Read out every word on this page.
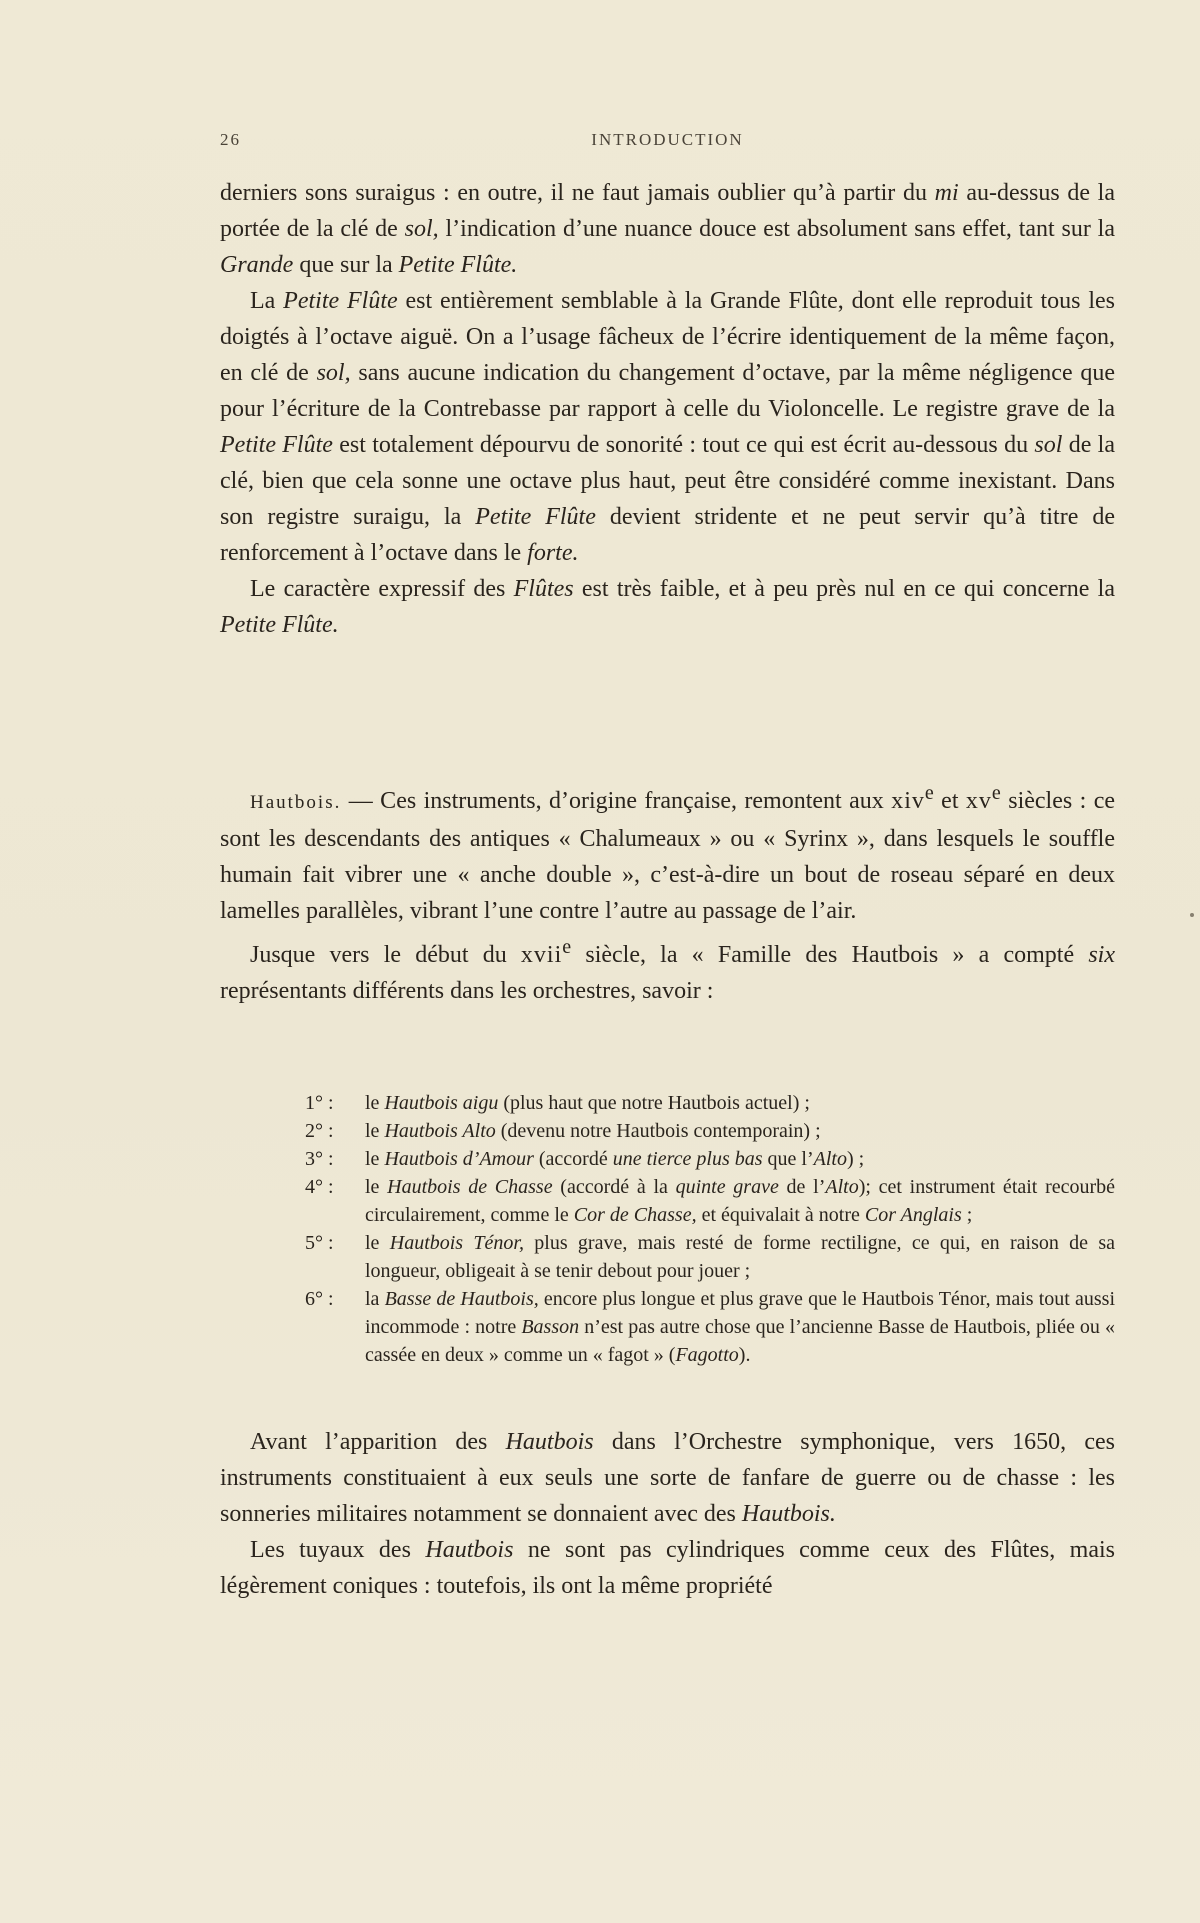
26	INTRODUCTION

derniers sons suraigus : en outre, il ne faut jamais oublier qu’à partir du mi au-dessus de la portée de la clé de sol, l’indication d’une nuance douce est absolument sans effet, tant sur la Grande que sur la Petite Flûte.

La Petite Flûte est entièrement semblable à la Grande Flûte, dont elle reproduit tous les doigtés à l’octave aiguë. On a l’usage fâcheux de l’écrire identiquement de la même façon, en clé de sol, sans aucune indication du changement d’octave, par la même négligence que pour l’écriture de la Contrebasse par rapport à celle du Violoncelle. Le registre grave de la Petite Flûte est totalement dépourvu de sonorité : tout ce qui est écrit au-dessous du sol de la clé, bien que cela sonne une octave plus haut, peut être considéré comme inexistant. Dans son registre suraigu, la Petite Flûte devient stridente et ne peut servir qu’à titre de renforcement à l’octave dans le forte.

Le caractère expressif des Flûtes est très faible, et à peu près nul en ce qui concerne la Petite Flûte.

Hautbois. — Ces instruments, d’origine française, remontent aux xiv$^e$ et $xv^e$ siècles : ce sont les descendants des antiques « Chalumeaux » ou « Syrinx », dans lesquels le souffle humain fait vibrer une « anche double », c’est-à-dire un bout de roseau séparé en deux lamelles parallèles, vibrant l’une contre l’autre au passage de l’air.

Jusque vers le début du xvii$^e$ siècle, la « Famille des Hautbois » a compté six représentants différents dans les orchestres, savoir :

1° :	le Hautbois aigu (plus haut que notre Hautbois actuel) ;
2° :	le Hautbois Alto (devenu notre Hautbois contemporain) ;
3° :	le Hautbois d’Amour (accordé une tierce plus bas que l’Alto) ;
4° :	le Hautbois de Chasse (accordé à la quinte grave de l’Alto); cet instrument était recourbé circulairement, comme le Cor de Chasse, et équivalait à notre Cor Anglais ;
5° :	le Hautbois Ténor, plus grave, mais resté de forme rectiligne, ce qui, en raison de sa longueur, obligeait à se tenir debout pour jouer ;
6° :	la Basse de Hautbois, encore plus longue et plus grave que le Hautbois Ténor, mais tout aussi incommode : notre Basson n’est pas autre chose que l’ancienne Basse de Hautbois, pliée ou « cassée en deux » comme un « fagot » (Fagotto).

Avant l’apparition des Hautbois dans l’Orchestre symphonique, vers 1650, ces instruments constituaient à eux seuls une sorte de fanfare de guerre ou de chasse : les sonneries militaires notamment se donnaient avec des Hautbois.

Les tuyaux des Hautbois ne sont pas cylindriques comme ceux des Flûtes, mais légèrement coniques : toutefois, ils ont la même propriété
